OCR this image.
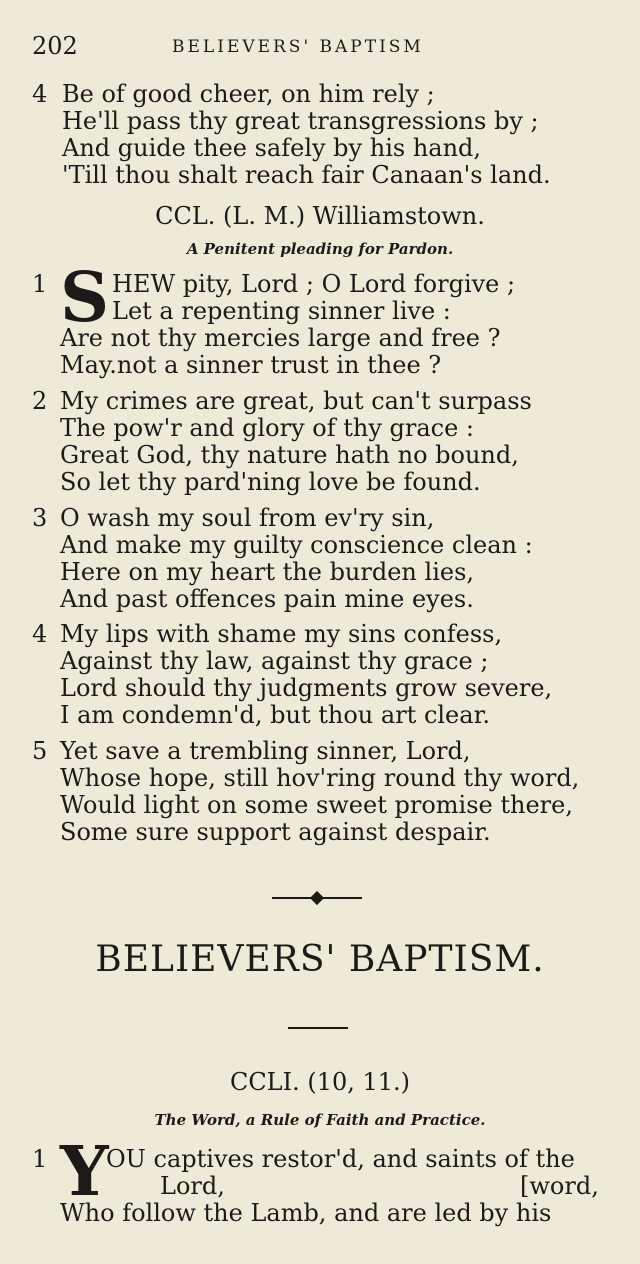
202	BELIEVERS' BAPTISM
4 Be of good cheer, on him rely ;
He'll pass thy great transgressions by ;
And guide thee safely by his hand,
'Till thou shalt reach fair Canaan's land.
CCL. (L. M.) Williamstown.
A Penitent pleading for Pardon.
1 S HEW pity, Lord ; O Lord forgive ;
Let a repenting sinner live :
Are not thy mercies large and free ?
May.not a sinner trust in thee ?
2 My crimes are great, but can't surpass
The pow'r and glory of thy grace :
Great God, thy nature hath no bound,
So let thy pard'ning love be found.
3 O wash my soul from ev'ry sin,
And make my guilty conscience clean :
Here on my heart the burden lies,
And past offences pain mine eyes.
4 My lips with shame my sins confess,
Against thy law, against thy grace ;
Lord should thy judgments grow severe,
I am condemn'd, but thou art clear.
5 Yet save a trembling sinner, Lord,
Whose hope, still hov'ring round thy word,
Would light on some sweet promise there,
Some sure support against despair.
BELIEVERS' BAPTISM.
CCLI. (10, 11.)
The Word, a Rule of Faith and Practice.
1 Y
OU captives restor'd, and saints of the
Lord,	[word,
Who follow the Lamb, and are led by his
